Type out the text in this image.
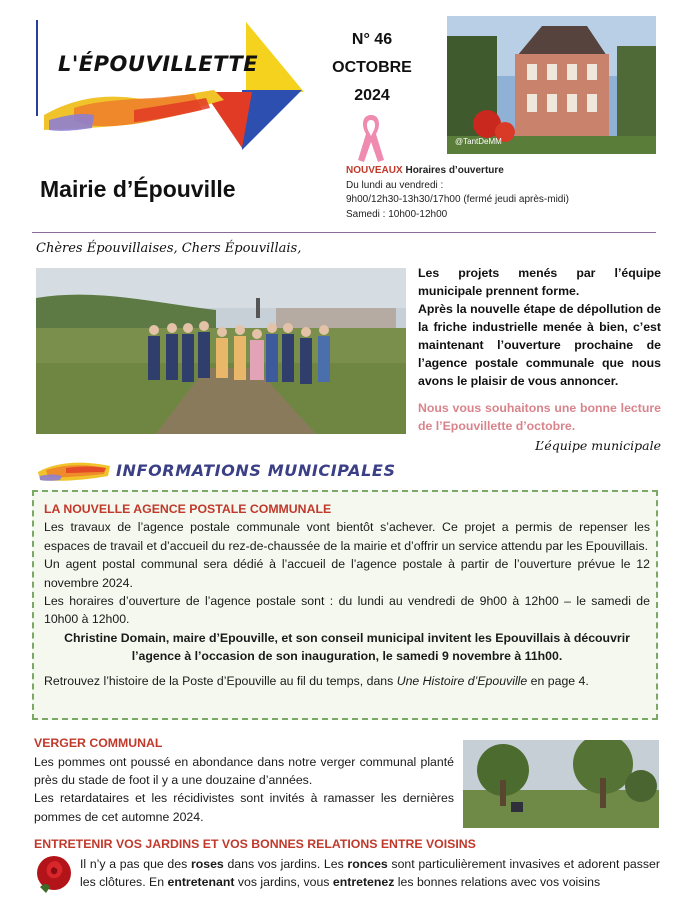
L'ÉPOUVILLETTE
Mairie d’Épouville
N° 46
OCTOBRE
2024
@TantDeMM
NOUVEAUX Horaires d’ouverture
Du lundi au vendredi :
9h00/12h30-13h30/17h00 (fermé jeudi après-midi)
Samedi : 10h00-12h00
Chères Épouvillaises, Chers Épouvillais,

Les projets menés par l’équipe municipale prennent forme.

Après la nouvelle étape de dépollution de la friche industrielle menée à bien, c’est maintenant l’ouverture prochaine de l’agence postale communale que nous avons le plaisir de vous annoncer.

Nous vous souhaitons une bonne lecture de l’Epouvillette d’octobre.

L’équipe municipale
INFORMATIONS MUNICIPALES
LA NOUVELLE AGENCE POSTALE COMMUNALE

Les travaux de l’agence postale communale vont bientôt s’achever. Ce projet a permis de repenser les espaces de travail et d’accueil du rez-de-chaussée de la mairie et d’offrir un service attendu par les Epouvillais.

Un agent postal communal sera dédié à l’accueil de l’agence postale à partir de l’ouverture prévue le 12 novembre 2024.

Les horaires d’ouverture de l’agence postale sont : du lundi au vendredi de 9h00 à 12h00 – le samedi de 10h00 à 12h00.

Christine Domain, maire d’Epouville, et son conseil municipal invitent les Epouvillais à découvrir l’agence à l’occasion de son inauguration, le samedi 9 novembre à 11h00.

Retrouvez l’histoire de la Poste d’Epouville au fil du temps, dans Une Histoire d’Epouville en page 4.

VERGER COMMUNAL

Les pommes ont poussé en abondance dans notre verger communal planté près du stade de foot il y a une douzaine d’années.

Les retardataires et les récidivistes sont invités à ramasser les dernières pommes de cet automne 2024.

ENTRETENIR VOS JARDINS ET VOS BONNES RELATIONS ENTRE VOISINS
Il n’y a pas que des roses dans vos jardins. Les ronces sont particulièrement invasives et adorent passer les clôtures. En entretenant vos jardins, vous entretenez les bonnes relations avec vos voisins
